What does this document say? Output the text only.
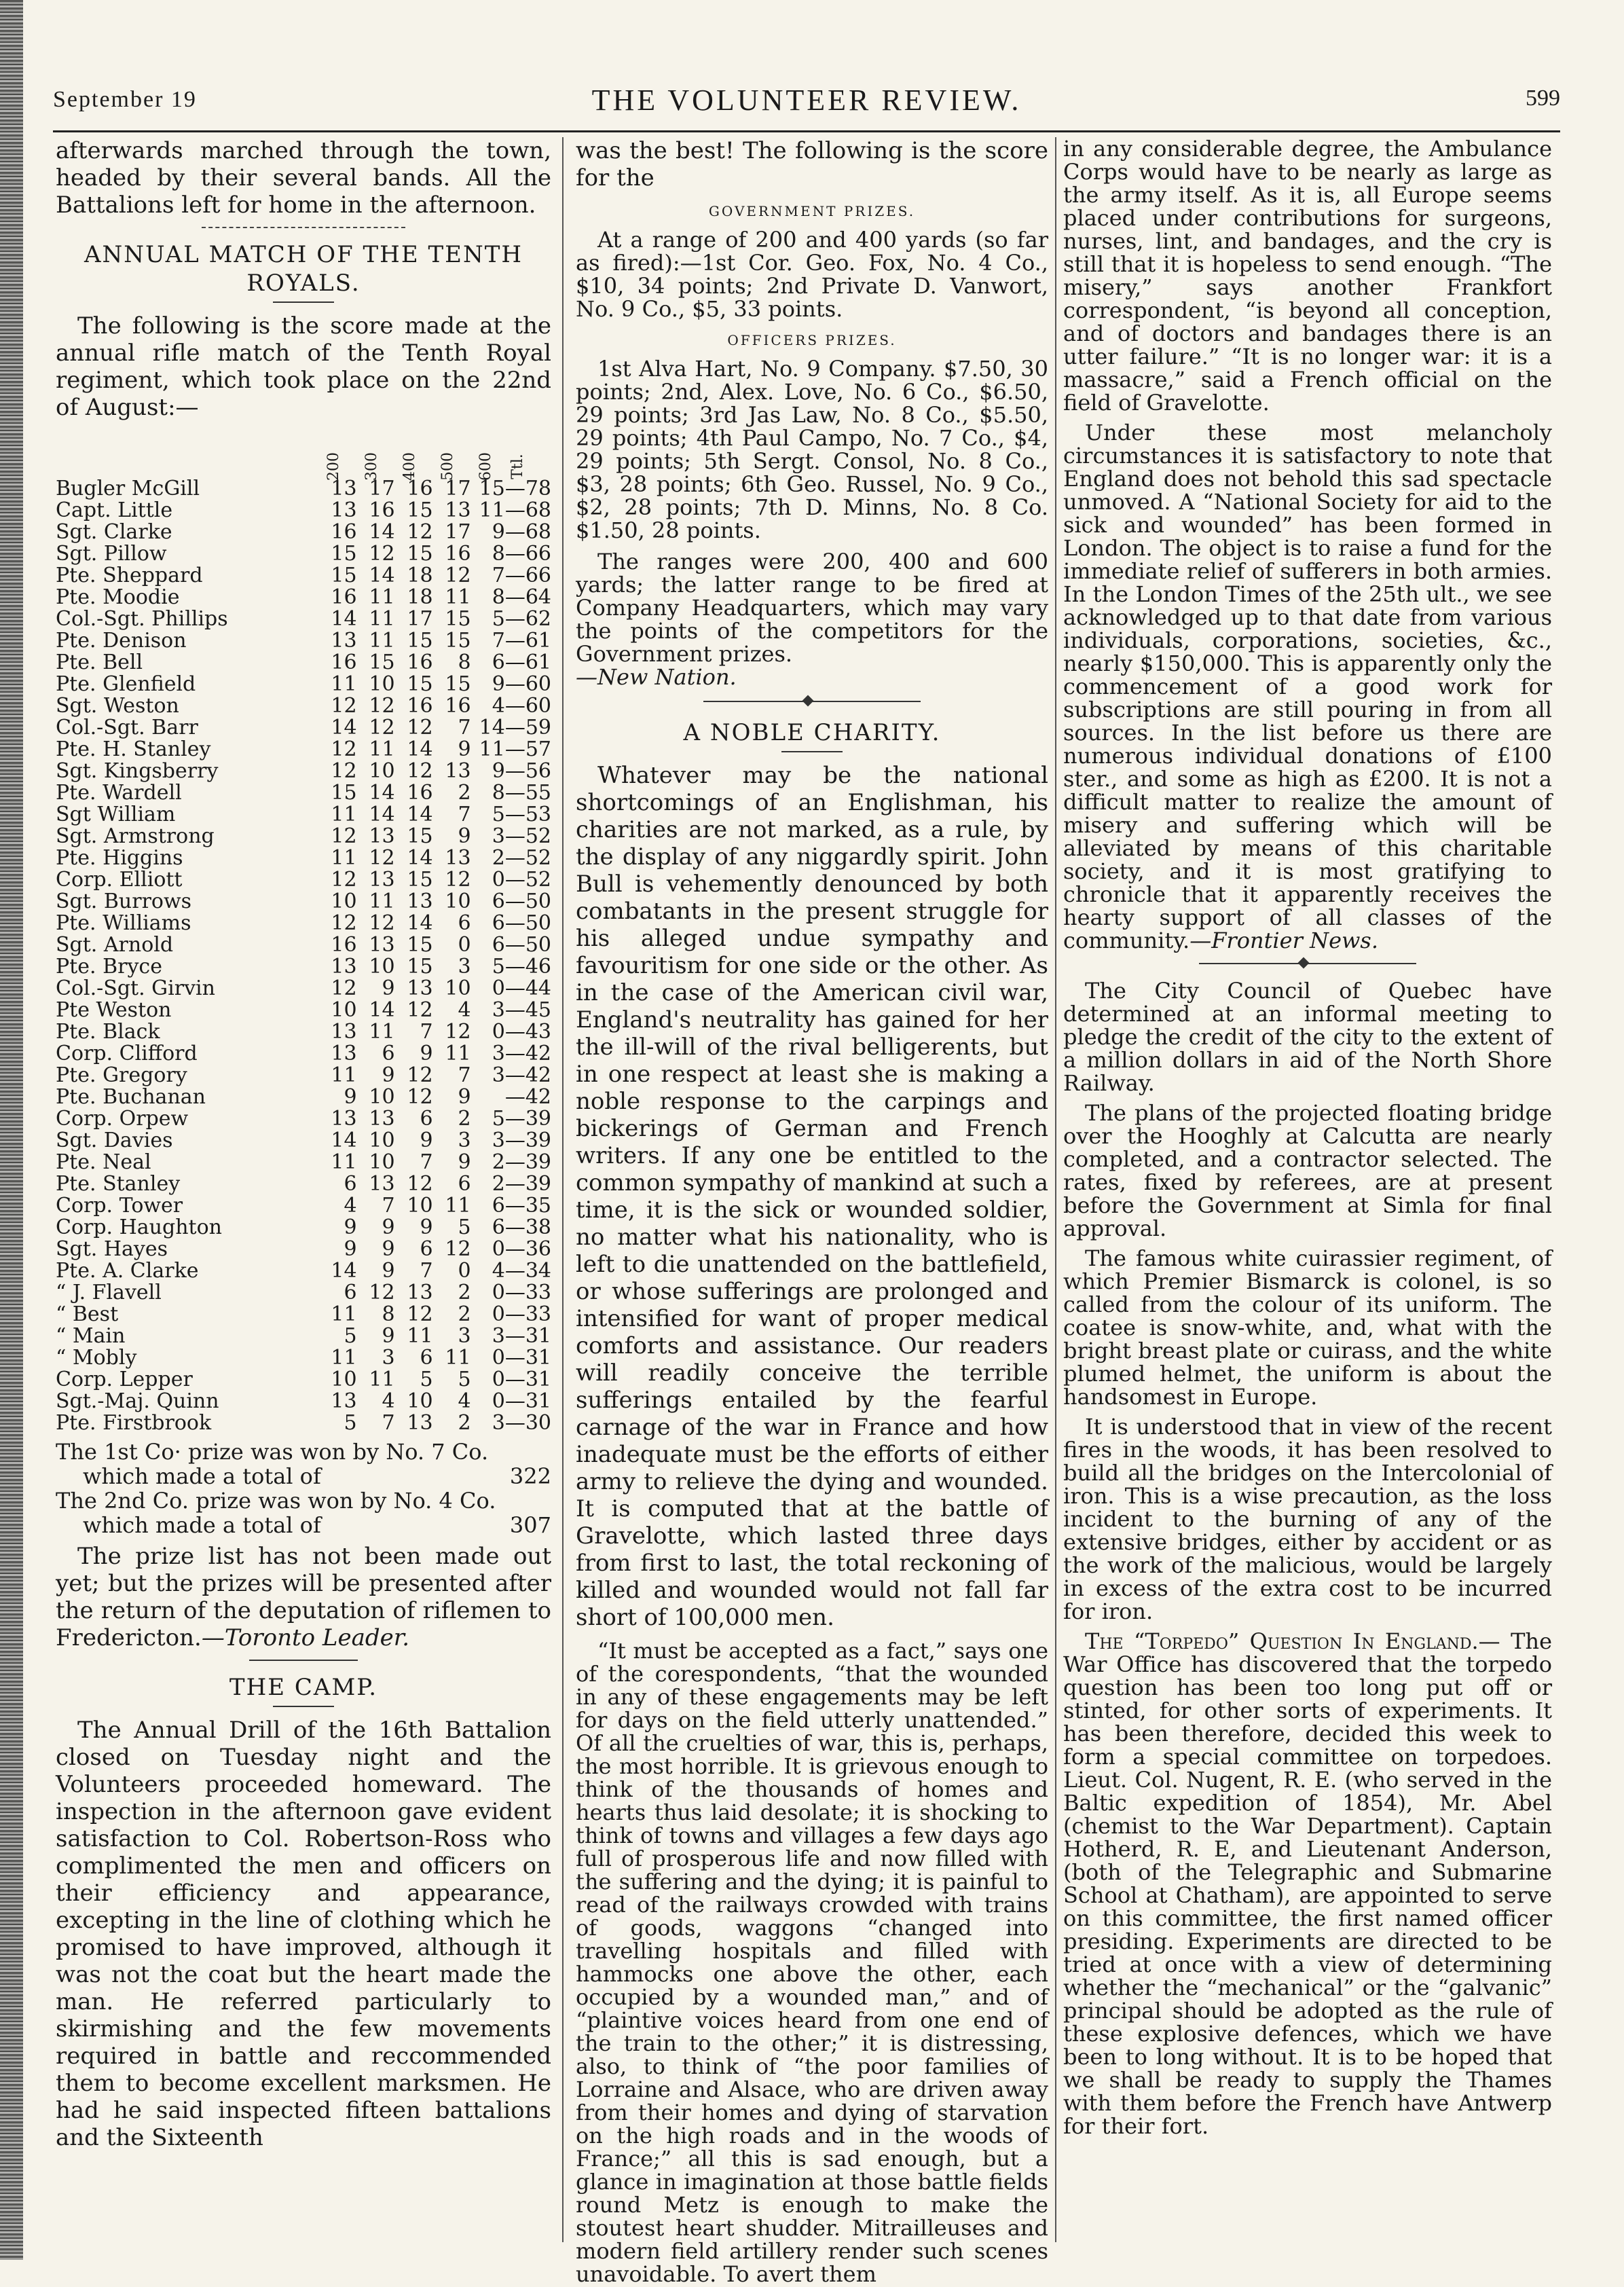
September 19	THE VOLUNTEER REVIEW.	599

afterwards marched through the town, headed by their several bands. All the Battalions left for home in the afternoon.

ANNUAL MATCH OF THE TENTH ROYALS.

The following is the score made at the annual rifle match of the Tenth Royal regiment, which took place on the 22nd of August:—

	200	300	400	500	600 Ttl.
Bugler McGill	13	17	16	17	15—78
Capt. Little	13	16	15	13	11—68
Sgt. Clarke	16	14	12	17	9—68
Sgt. Pillow	15	12	15	16	8—66
Pte. Sheppard	15	14	18	12	7—66
Pte. Moodie	16	11	18	11	8—64
Col.-Sgt. Phillips	14	11	17	15	5—62
Pte. Denison	13	11	15	15	7—61
Pte. Bell	16	15	16	8	6—61
Pte. Glenfield	11	10	15	15	9—60
Sgt. Weston	12	12	16	16	4—60
Col.-Sgt. Barr	14	12	12	7	14—59
Pte. H. Stanley	12	11	14	9	11—57
Sgt. Kingsberry	12	10	12	13	9—56
Pte. Wardell	15	14	16	2	8—55
Sgt William	11	14	14	7	5—53
Sgt. Armstrong	12	13	15	9	3—52
Pte. Higgins	11	12	14	13	2—52
Corp. Elliott	12	13	15	12	0—52
Sgt. Burrows	10	11	13	10	6—50
Pte. Williams	12	12	14	6	6—50
Sgt. Arnold	16	13	15	0	6—50
Pte. Bryce	13	10	15	3	5—46
Col.-Sgt. Girvin	12	9	13	10	0—44
Pte Weston	10	14	12	4	3—45
Pte. Black	13	11	7	12	0—43
Corp. Clifford	13	6	9	11	3—42
Pte. Gregory	11	9	12	7	3—42
Pte. Buchanan	9	10	12	9	—42
Corp. Orpew	13	13	6	2	5—39
Sgt. Davies	14	10	9	3	3—39
Pte. Neal	11	10	7	9	2—39
Pte. Stanley	6	13	12	6	2—39
Corp. Tower	4	7	10	11	6—35
Corp. Haughton	9	9	9	5	6—38
Sgt. Hayes	9	9	6	12	0—36
Pte. A. Clarke	14	9	7	0	4—34
“ J. Flavell	6	12	13	2	0—33
“ Best	11	8	12	2	0—33
“ Main	5	9	11	3	3—31
“ Mobly	11	3	6	11	0—31
Corp. Lepper	10	11	5	5	0—31
Sgt.-Maj. Quinn	13	4	10	4	0—31
Pte. Firstbrook	5	7	13	2	3—30
The 1st Co· prize was won by No. 7 Co.
which made a total of	322
The 2nd Co. prize was won by No. 4 Co.
which made a total of	307

The prize list has not been made out yet; but the prizes will be presented after the return of the deputation of riflemen to Fredericton.—Toronto Leader.

THE CAMP.

The Annual Drill of the 16th Battalion closed on Tuesday night and the Volunteers proceeded homeward. The inspection in the afternoon gave evident satisfaction to Col. Robertson-Ross who complimented the men and officers on their efficiency and appearance, excepting in the line of clothing which he promised to have improved, although it was not the coat but the heart made the man. He referred particularly to skirmishing and the few movements required in battle and reccommended them to become excellent marksmen. He had he said inspected fifteen battalions and the Sixteenth

was the best! The following is the score for the

GOVERNMENT PRIZES.

At a range of 200 and 400 yards (so far as fired):—1st Cor. Geo. Fox, No. 4 Co., $10, 34 points; 2nd Private D. Vanwort, No. 9 Co., $5, 33 points.

OFFICERS PRIZES.

1st Alva Hart, No. 9 Company. $7.50, 30 points; 2nd, Alex. Love, No. 6 Co., $6.50, 29 points; 3rd Jas Law, No. 8 Co., $5.50, 29 points; 4th Paul Campo, No. 7 Co., $4, 29 points; 5th Sergt. Consol, No. 8 Co., $3, 28 points; 6th Geo. Russel, No. 9 Co., $2, 28 points; 7th D. Minns, No. 8 Co. $1.50, 28 points.

The ranges were 200, 400 and 600 yards; the latter range to be fired at Company Headquarters, which may vary the points of the competitors for the Government prizes.
—New Nation.

A NOBLE CHARITY.

Whatever may be the national shortcomings of an Englishman, his charities are not marked, as a rule, by the display of any niggardly spirit. John Bull is vehemently denounced by both combatants in the present struggle for his alleged undue sympathy and favouritism for one side or the other. As in the case of the American civil war, England's neutrality has gained for her the ill-will of the rival belligerents, but in one respect at least she is making a noble response to the carpings and bickerings of German and French writers. If any one be entitled to the common sympathy of mankind at such a time, it is the sick or wounded soldier, no matter what his nationality, who is left to die unattended on the battlefield, or whose sufferings are prolonged and intensified for want of proper medical comforts and assistance. Our readers will readily conceive the terrible sufferings entailed by the fearful carnage of the war in France and how inadequate must be the efforts of either army to relieve the dying and wounded. It is computed that at the battle of Gravelotte, which lasted three days from first to last, the total reckoning of killed and wounded would not fall far short of 100,000 men.

“It must be accepted as a fact,” says one of the corespondents, “that the wounded in any of these engagements may be left for days on the field utterly unattended.” Of all the cruelties of war, this is, perhaps, the most horrible. It is grievous enough to think of the thousands of homes and hearts thus laid desolate; it is shocking to think of towns and villages a few days ago full of prosperous life and now filled with the suffering and the dying; it is painful to read of the railways crowded with trains of goods, waggons “changed into travelling hospitals and filled with hammocks one above the other, each occupied by a wounded man,” and of “plaintive voices heard from one end of the train to the other;” it is distressing, also, to think of “the poor families of Lorraine and Alsace, who are driven away from their homes and dying of starvation on the high roads and in the woods of France;” all this is sad enough, but a glance in imagination at those battle fields round Metz is enough to make the stoutest heart shudder. Mitrailleuses and modern field artillery render such scenes unavoidable. To avert them

in any considerable degree, the Ambulance Corps would have to be nearly as large as the army itself. As it is, all Europe seems placed under contributions for surgeons, nurses, lint, and bandages, and the cry is still that it is hopeless to send enough. “The misery,” says another Frankfort correspondent, “is beyond all conception, and of doctors and bandages there is an utter failure.” “It is no longer war: it is a massacre,” said a French official on the field of Gravelotte.

Under these most melancholy circumstances it is satisfactory to note that England does not behold this sad spectacle unmoved. A “National Society for aid to the sick and wounded” has been formed in London. The object is to raise a fund for the immediate relief of sufferers in both armies. In the London Times of the 25th ult., we see acknowledged up to that date from various individuals, corporations, societies, &c., nearly $150,000. This is apparently only the commencement of a good work for subscriptions are still pouring in from all sources. In the list before us there are numerous individual donations of £100 ster., and some as high as £200. It is not a difficult matter to realize the amount of misery and suffering which will be alleviated by means of this charitable society, and it is most gratifying to chronicle that it apparently receives the hearty support of all classes of the community.—Frontier News.

The City Council of Quebec have determined at an informal meeting to pledge the credit of the city to the extent of a million dollars in aid of the North Shore Railway.

The plans of the projected floating bridge over the Hooghly at Calcutta are nearly completed, and a contractor selected. The rates, fixed by referees, are at present before the Government at Simla for final approval.

The famous white cuirassier regiment, of which Premier Bismarck is colonel, is so called from the colour of its uniform. The coatee is snow-white, and, what with the bright breast plate or cuirass, and the white plumed helmet, the uniform is about the handsomest in Europe.

It is understood that in view of the recent fires in the woods, it has been resolved to build all the bridges on the Intercolonial of iron. This is a wise precaution, as the loss incident to the burning of any of the extensive bridges, either by accident or as the work of the malicious, would be largely in excess of the extra cost to be incurred for iron.

The “Torpedo” Question In England.— The War Office has discovered that the torpedo question has been too long put off or stinted, for other sorts of experiments. It has been therefore, decided this week to form a special committee on torpedoes. Lieut. Col. Nugent, R. E. (who served in the Baltic expedition of 1854), Mr. Abel (chemist to the War Department). Captain Hotherd, R. E, and Lieutenant Anderson, (both of the Telegraphic and Submarine School at Chatham), are appointed to serve on this committee, the first named officer presiding. Experiments are directed to be tried at once with a view of determining whether the “mechanical” or the “galvanic” principal should be adopted as the rule of these explosive defences, which we have been to long without. It is to be hoped that we shall be ready to supply the Thames with them before the French have Antwerp for their fort.
